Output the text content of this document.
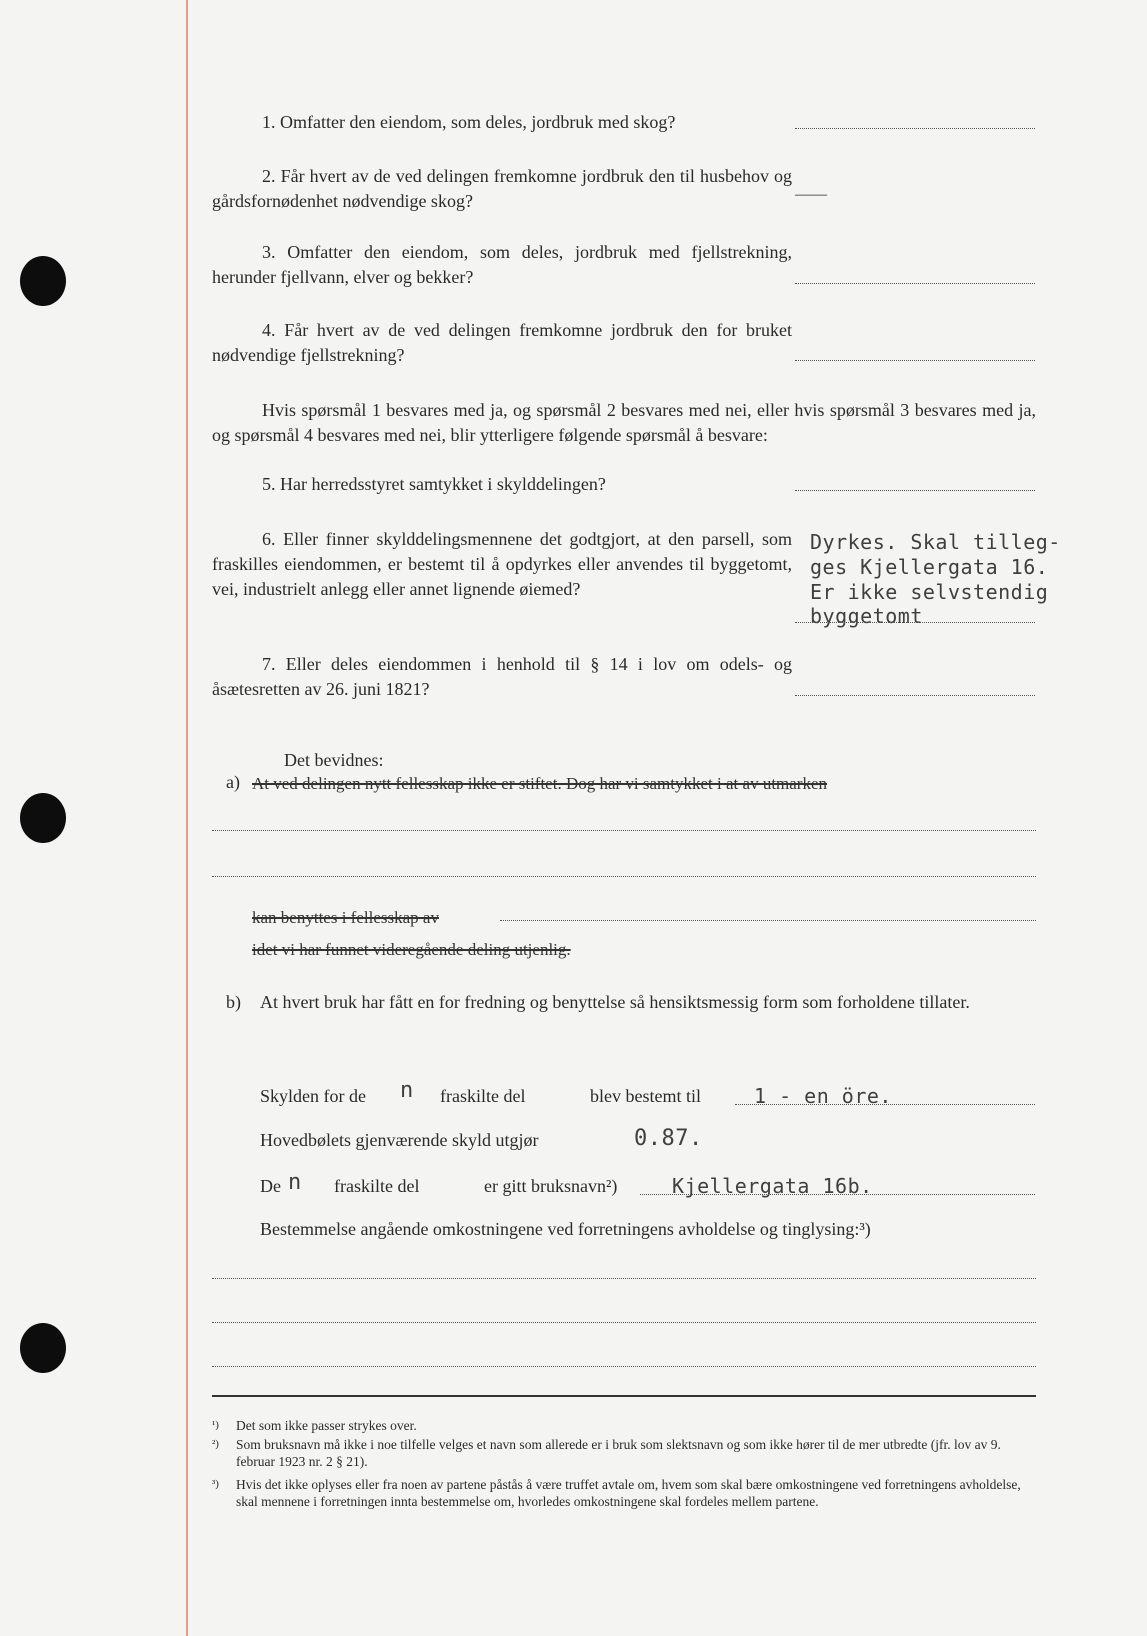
1. Omfatter den eiendom, som deles, jordbruk med skog?
2. Får hvert av de ved delingen fremkomne jordbruk den til husbehov og gårdsfornødenhet nødvendige skog?	——
3. Omfatter den eiendom, som deles, jordbruk med fjellstrekning, herunder fjellvann, elver og bekker?
4. Får hvert av de ved delingen fremkomne jordbruk den for bruket nødvendige fjellstrekning?
Hvis spørsmål 1 besvares med ja, og spørsmål 2 besvares med nei, eller hvis spørsmål 3 besvares med ja, og spørsmål 4 besvares med nei, blir ytterligere følgende spørsmål å besvare:
5. Har herredsstyret samtykket i skylddelingen?
6. Eller finner skylddelingsmennene det godtgjort, at den parsell, som fraskilles eiendommen, er bestemt til å opdyrkes eller anvendes til byggetomt, vei, industrielt anlegg eller annet lignende øiemed?
Dyrkes. Skal tilleg-
ges Kjellergata 16.
Er ikke selvstendig
byggetomt
7. Eller deles eiendommen i henhold til § 14 i lov om odels- og åsætesretten av 26. juni 1821?
Det bevidnes:
a) At ved delingen nytt fellesskap ikke er stiftet. Dog har vi samtykket i at av utmarken
kan benyttes i fellesskap av
idet vi har funnet videregående deling utjenlig.
b) At hvert bruk har fått en for fredning og benyttelse så hensiktsmessig form som forholdene tillater.
Skylden for de n fraskilte del	blev bestemt til	1 - en öre.
Hovedbølets gjenværende skyld utgjør	0.87.
De n fraskilte del	er gitt bruksnavn²)	Kjellergata 16b.
Bestemmelse angående omkostningene ved forretningens avholdelse og tinglysing:³)
¹)	Det som ikke passer strykes over.
²)	Som bruksnavn må ikke i noe tilfelle velges et navn som allerede er i bruk som slektsnavn og som ikke hører til de mer utbredte (jfr. lov av 9. februar 1923 nr. 2 § 21).
³)	Hvis det ikke oplyses eller fra noen av partene påstås å være truffet avtale om, hvem som skal bære omkostningene ved forretningens avholdelse, skal mennene i forretningen innta bestemmelse om, hvorledes omkostningene skal fordeles mellem partene.
